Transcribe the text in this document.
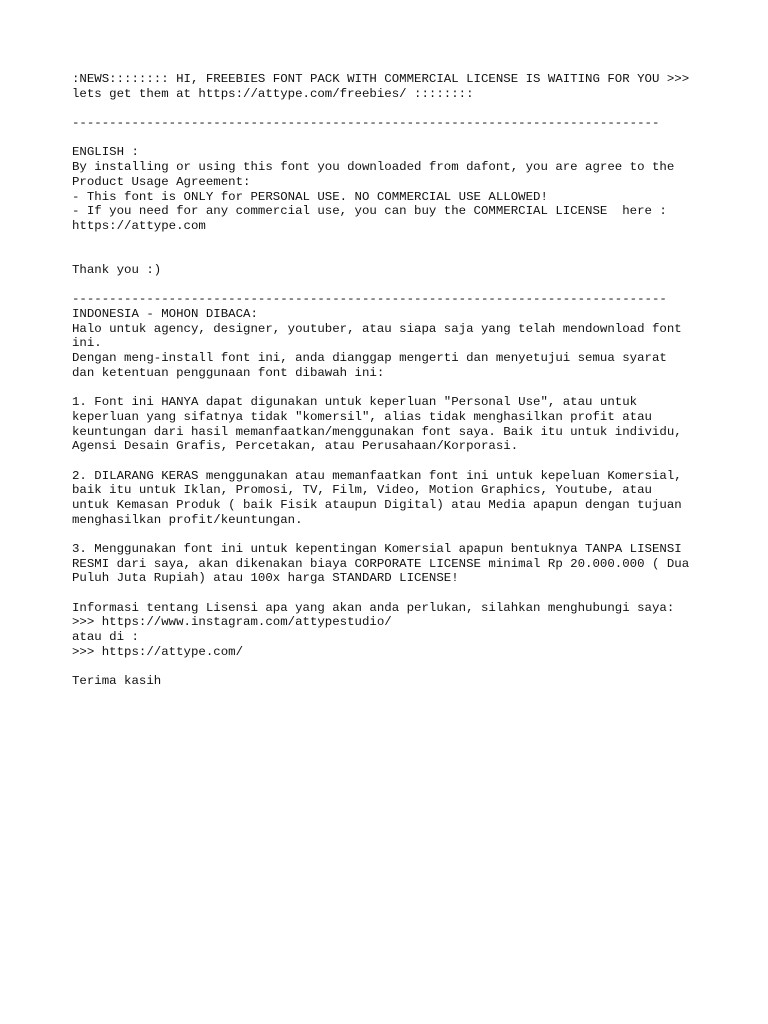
:NEWS:::::::: HI, FREEBIES FONT PACK WITH COMMERCIAL LICENSE IS WAITING FOR YOU >>>
lets get them at https://attype.com/freebies/ ::::::::
-------------------------------------------------------------------------------
ENGLISH :
By installing or using this font you downloaded from dafont, you are agree to the
Product Usage Agreement:
- This font is ONLY for PERSONAL USE. NO COMMERCIAL USE ALLOWED!
- If you need for any commercial use, you can buy the COMMERCIAL LICENSE  here :
https://attype.com
Thank you :)
--------------------------------------------------------------------------------
INDONESIA - MOHON DIBACA:
Halo untuk agency, designer, youtuber, atau siapa saja yang telah mendownload font
ini.
Dengan meng-install font ini, anda dianggap mengerti dan menyetujui semua syarat
dan ketentuan penggunaan font dibawah ini:
1. Font ini HANYA dapat digunakan untuk keperluan "Personal Use", atau untuk
keperluan yang sifatnya tidak "komersil", alias tidak menghasilkan profit atau
keuntungan dari hasil memanfaatkan/menggunakan font saya. Baik itu untuk individu,
Agensi Desain Grafis, Percetakan, atau Perusahaan/Korporasi.
2. DILARANG KERAS menggunakan atau memanfaatkan font ini untuk kepeluan Komersial,
baik itu untuk Iklan, Promosi, TV, Film, Video, Motion Graphics, Youtube, atau
untuk Kemasan Produk ( baik Fisik ataupun Digital) atau Media apapun dengan tujuan
menghasilkan profit/keuntungan.
3. Menggunakan font ini untuk kepentingan Komersial apapun bentuknya TANPA LISENSI
RESMI dari saya, akan dikenakan biaya CORPORATE LICENSE minimal Rp 20.000.000 ( Dua
Puluh Juta Rupiah) atau 100x harga STANDARD LICENSE!
Informasi tentang Lisensi apa yang akan anda perlukan, silahkan menghubungi saya:
>>> https://www.instagram.com/attypestudio/
atau di :
>>> https://attype.com/
Terima kasih
